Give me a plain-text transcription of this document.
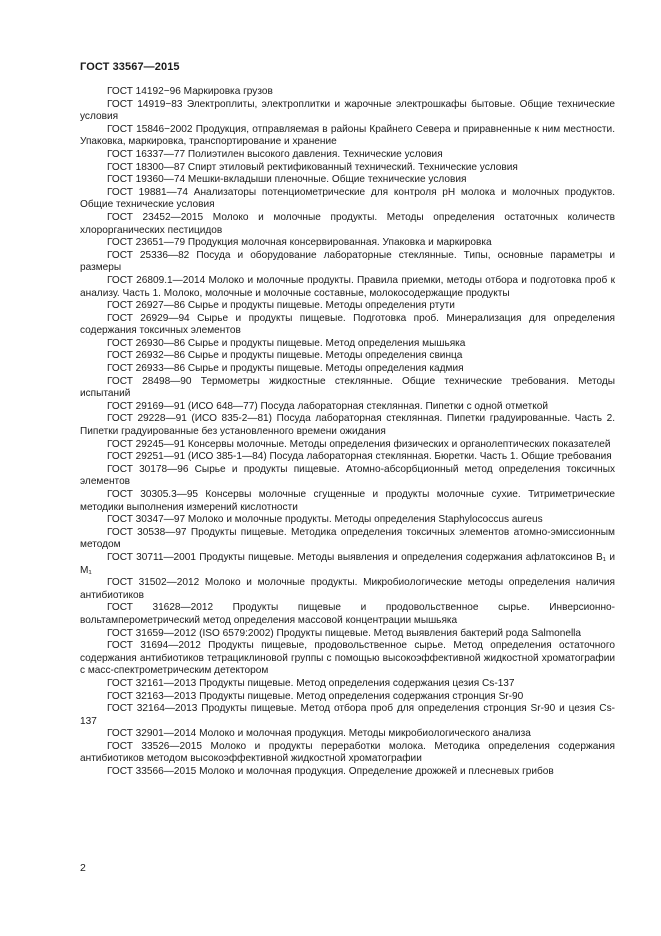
ГОСТ 33567—2015

ГОСТ 14192−96 Маркировка грузов

ГОСТ 14919−83 Электроплиты, электроплитки и жарочные электрошкафы бытовые. Общие технические условия

ГОСТ 15846−2002 Продукция, отправляемая в районы Крайнего Севера и приравненные к ним местности. Упаковка, маркировка, транспортирование и хранение

ГОСТ 16337—77 Полиэтилен высокого давления. Технические условия

ГОСТ 18300—87 Спирт этиловый ректификованный технический. Технические условия

ГОСТ 19360—74 Мешки-вкладыши пленочные. Общие технические условия

ГОСТ 19881—74 Анализаторы потенциометрические для контроля pH молока и молочных продуктов. Общие технические условия

ГОСТ 23452—2015 Молоко и молочные продукты. Методы определения остаточных количеств хлорорганических пестицидов

ГОСТ 23651—79 Продукция молочная консервированная. Упаковка и маркировка

ГОСТ 25336—82 Посуда и оборудование лабораторные стеклянные. Типы, основные параметры и размеры

ГОСТ 26809.1—2014 Молоко и молочные продукты. Правила приемки, методы отбора и подготовка проб к анализу. Часть 1. Молоко, молочные и молочные составные, молокосодержащие продукты

ГОСТ 26927—86 Сырье и продукты пищевые. Методы определения ртути

ГОСТ 26929—94 Сырье и продукты пищевые. Подготовка проб. Минерализация для определения содержания токсичных элементов

ГОСТ 26930—86 Сырье и продукты пищевые. Метод определения мышьяка

ГОСТ 26932—86 Сырье и продукты пищевые. Методы определения свинца

ГОСТ 26933—86 Сырье и продукты пищевые. Методы определения кадмия

ГОСТ 28498—90 Термометры жидкостные стеклянные. Общие технические требования. Методы испытаний

ГОСТ 29169—91 (ИСО 648—77) Посуда лабораторная стеклянная. Пипетки с одной отметкой

ГОСТ 29228—91 (ИСО 835-2—81) Посуда лабораторная стеклянная. Пипетки градуированные. Часть 2. Пипетки градуированные без установленного времени ожидания

ГОСТ 29245—91 Консервы молочные. Методы определения физических и органолептических показателей

ГОСТ 29251—91 (ИСО 385-1—84) Посуда лабораторная стеклянная. Бюретки. Часть 1. Общие требования

ГОСТ 30178—96 Сырье и продукты пищевые. Атомно-абсорбционный метод определения токсичных элементов

ГОСТ 30305.3—95 Консервы молочные сгущенные и продукты молочные сухие. Титриметрические методики выполнения измерений кислотности

ГОСТ 30347—97 Молоко и молочные продукты. Методы определения Staphylococcus aureus

ГОСТ 30538—97 Продукты пищевые. Методика определения токсичных элементов атомно-эмиссионным методом

ГОСТ 30711—2001 Продукты пищевые. Методы выявления и определения содержания афлатоксинов B₁ и M₁

ГОСТ 31502—2012 Молоко и молочные продукты. Микробиологические методы определения наличия антибиотиков

ГОСТ 31628—2012 Продукты пищевые и продовольственное сырье. Инверсионно-вольтамперометрический метод определения массовой концентрации мышьяка

ГОСТ 31659—2012 (ISO 6579:2002) Продукты пищевые. Метод выявления бактерий рода Salmonella

ГОСТ 31694—2012 Продукты пищевые, продовольственное сырье. Метод определения остаточного содержания антибиотиков тетрациклиновой группы с помощью высокоэффективной жидкостной хроматографии с масс-спектрометрическим детектором

ГОСТ 32161—2013 Продукты пищевые. Метод определения содержания цезия Cs-137

ГОСТ 32163—2013 Продукты пищевые. Метод определения содержания стронция Sr-90

ГОСТ 32164—2013 Продукты пищевые. Метод отбора проб для определения стронция Sr-90 и цезия Cs-137

ГОСТ 32901—2014 Молоко и молочная продукция. Методы микробиологического анализа

ГОСТ 33526—2015 Молоко и продукты переработки молока. Методика определения содержания антибиотиков методом высокоэффективной жидкостной хроматографии

ГОСТ 33566—2015 Молоко и молочная продукция. Определение дрожжей и плесневых грибов

2
